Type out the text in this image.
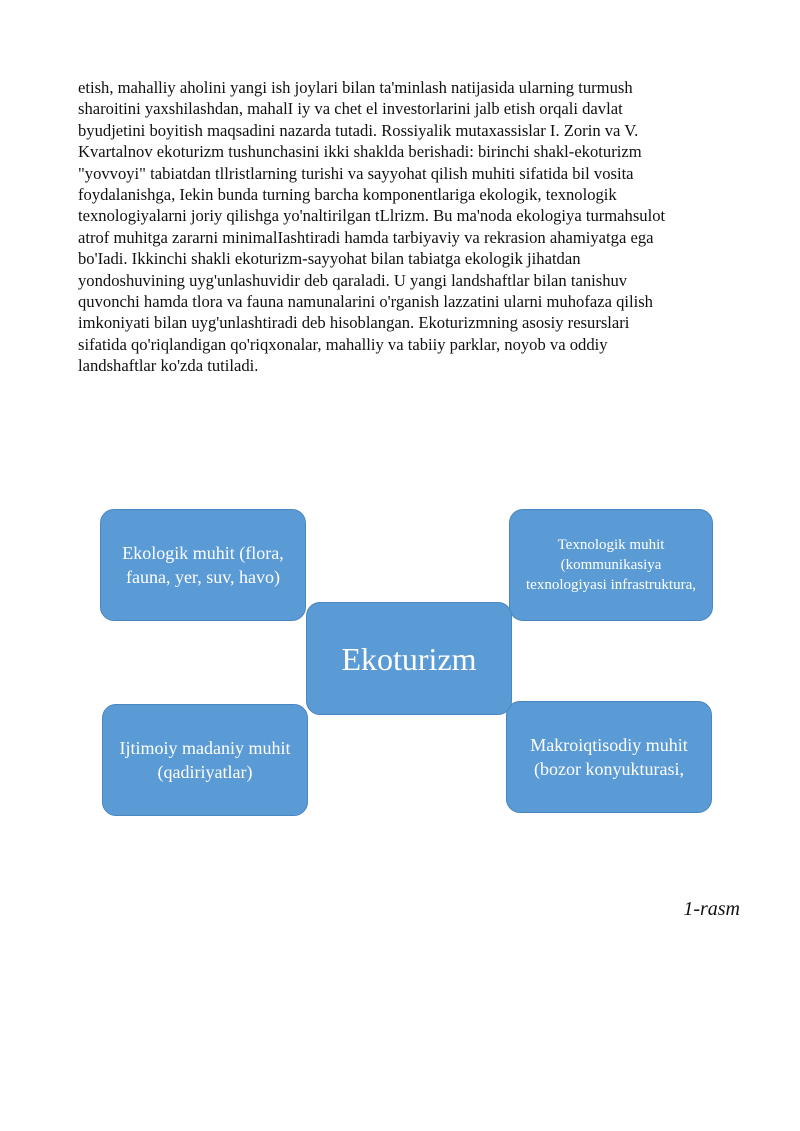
etish, mahalliy aholini yangi ish joylari bilan ta'minlash natijasida ularning turmush
sharoitini yaxshilashdan, mahalI iy va chet el investorlarini jalb etish orqali davlat
byudjetini boyitish maqsadini nazarda tutadi. Rossiyalik mutaxassislar I. Zorin va V.
Kvartalnov ekoturizm tushunchasini ikki shaklda berishadi: birinchi shakl-ekoturizm
"yovvoyi" tabiatdan tllristlarning turishi va sayyohat qilish muhiti sifatida bil vosita
foydalanishga, Iekin bunda turning barcha komponentlariga ekologik, texnologik
texnologiyalarni joriy qilishga yo'naltirilgan tLlrizm. Bu ma'noda ekologiya turmahsulot
atrof muhitga zararni minimalIashtiradi hamda tarbiyaviy va rekrasion ahamiyatga ega
bo'Iadi. Ikkinchi shakli ekoturizm-sayyohat bilan tabiatga ekologik jihatdan
yondoshuvining uyg'unlashuvidir deb qaraladi. U yangi landshaftlar bilan tanishuv
quvonchi hamda tlora va fauna namunalarini o'rganish lazzatini ularni muhofaza qilish
imkoniyati bilan uyg'unlashtiradi deb hisoblangan. Ekoturizmning asosiy resurslari
sifatida qo'riqlandigan qo'riqxonalar, mahalliy va tabiiy parklar, noyob va oddiy
landshaftlar ko'zda tutiladi.
Ekologik muhit (flora, fauna, yer, suv, havo)
Texnologik muhit (kommunikasiya texnologiyasi infrastruktura,
Ijtimoiy madaniy muhit (qadiriyatlar)
Makroiqtisodiy muhit (bozor konyukturasi,
Ekoturizm
1-rasm
